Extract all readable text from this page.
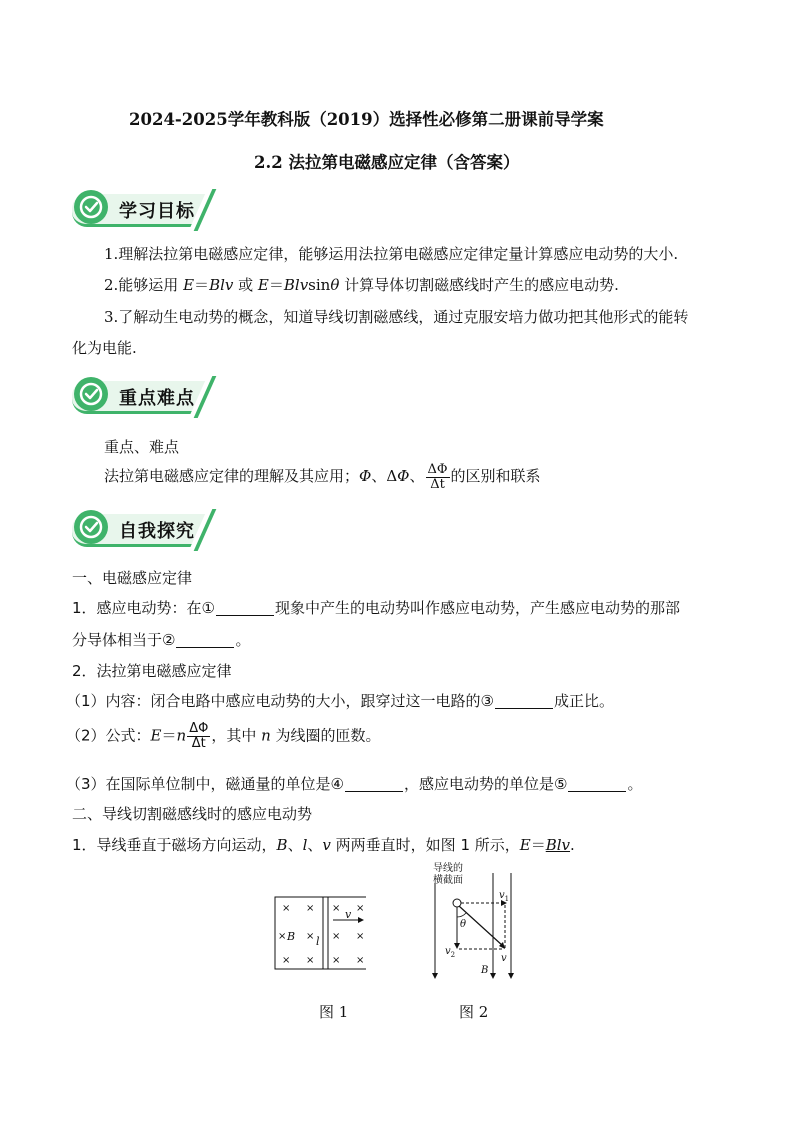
2024-2025学年教科版（2019）选择性必修第二册课前导学案
2.2 法拉第电磁感应定律（含答案）
学习目标
1.理解法拉第电磁感应定律，能够运用法拉第电磁感应定律定量计算感应电动势的大小.
2.能够运用 E＝Blv 或 E＝Blvsinθ 计算导体切割磁感线时产生的感应电动势.
3.了解动生电动势的概念，知道导线切割磁感线，通过克服安培力做功把其他形式的能转
化为电能.
重点难点
重点、难点
法拉第电磁感应定律的理解及其应用；Φ、ΔΦ、 $\frac{\Delta\Phi}{\Delta t}$ 的区别和联系
自我探究
一、电磁感应定律
1．感应电动势：在①	现象中产生的电动势叫作感应电动势，产生感应电动势的那部
分导体相当于②	。
2．法拉第电磁感应定律
（1）内容：闭合电路中感应电动势的大小，跟穿过这一电路的③	成正比。
（2）公式：$E=n \frac{\Delta\Phi}{\Delta t}$ ，其中 n 为线圈的匝数。
（3）在国际单位制中，磁通量的单位是④	，感应电动势的单位是⑤	。
二、导线切割磁感线时的感应电动势
1．导线垂直于磁场方向运动，B、l、v 两两垂直时，如图 1 所示，E＝Blv.
× × × ×
× × × ×
× × × ×
B l
v
导线的
横截面
$v_1$
$v_2$
θ
B
v
图 1	图 2
